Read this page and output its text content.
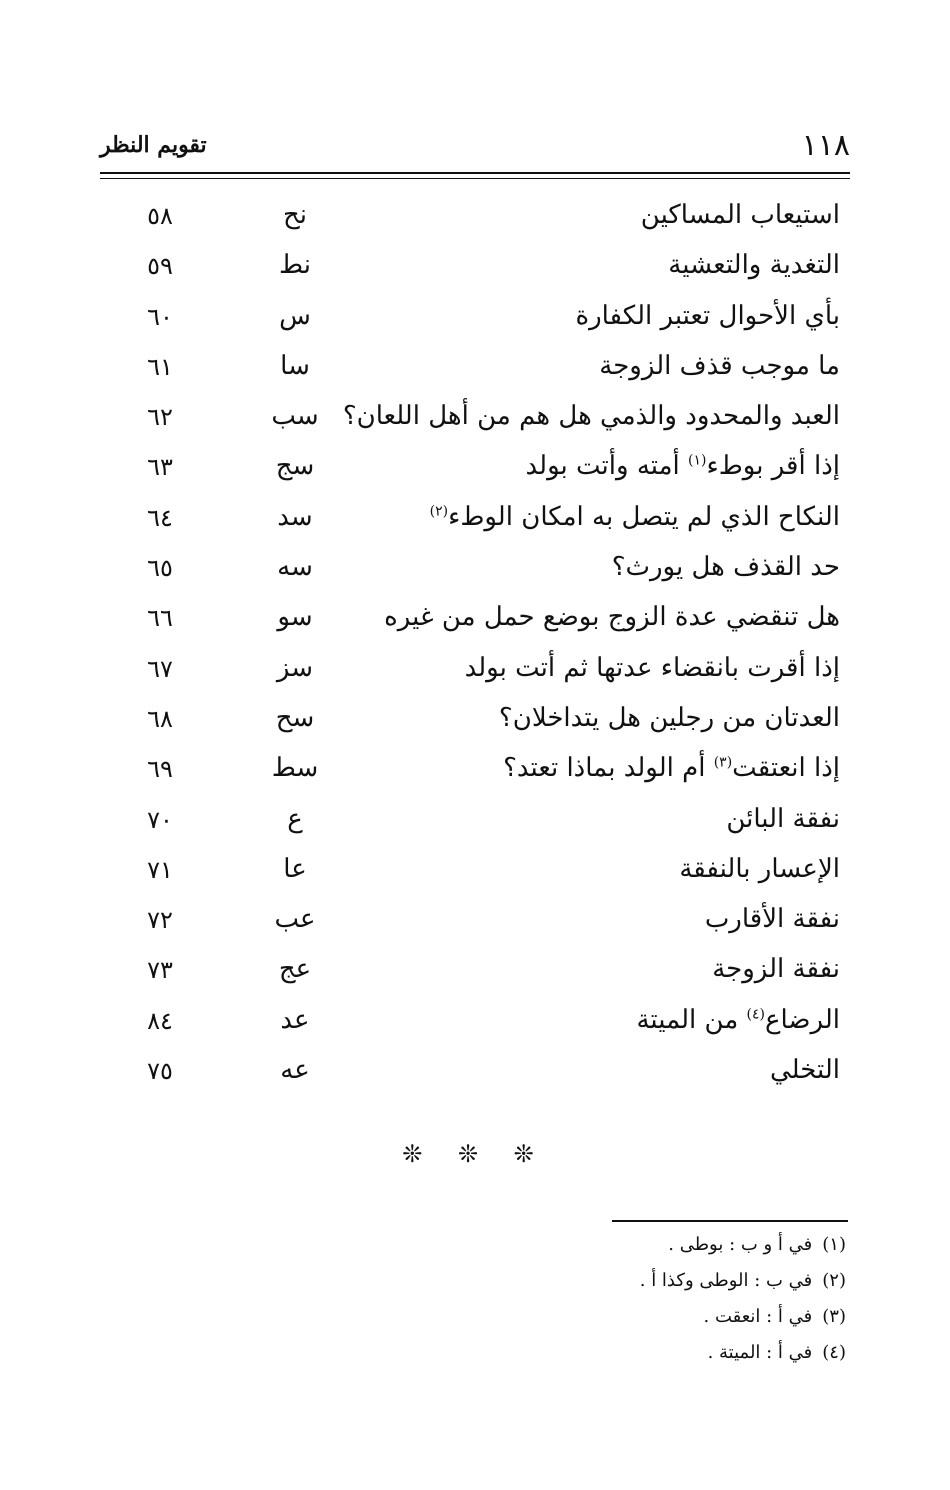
١١٨
تقويم النظر
استيعاب المساكين
نح
٥٨
التغدية والتعشية
نط
٥٩
بأي الأحوال تعتبر الكفارة
س
٦٠
ما موجب قذف الزوجة
سا
٦١
العبد والمحدود والذمي هل هم من أهل اللعان؟
سب
٦٢
إذا أقر بوطء$^{(١)}$ أمته وأتت بولد
سج
٦٣
النكاح الذي لم يتصل به امكان الوطء$^{(٢)}$
سد
٦٤
حد القذف هل يورث؟
سه
٦٥
هل تنقضي عدة الزوج بوضع حمل من غيره
سو
٦٦
إذا أقرت بانقضاء عدتها ثم أتت بولد
سز
٦٧
العدتان من رجلين هل يتداخلان؟
سح
٦٨
إذا انعتقت$^{(٣)}$ أم الولد بماذا تعتد؟
سط
٦٩
نفقة البائن
ع
٧٠
الإعسار بالنفقة
عا
٧١
نفقة الأقارب
عب
٧٢
نفقة الزوجة
عج
٧٣
الرضاع$^{(٤)}$ من الميتة
عد
٨٤
التخلي
عه
٧٥
❊ ❊ ❊
(١)في أ و ب : بوطى .
(٢)في ب : الوطى وكذا أ .
(٣)في أ : انعقت .
(٤)في أ : الميتة .
